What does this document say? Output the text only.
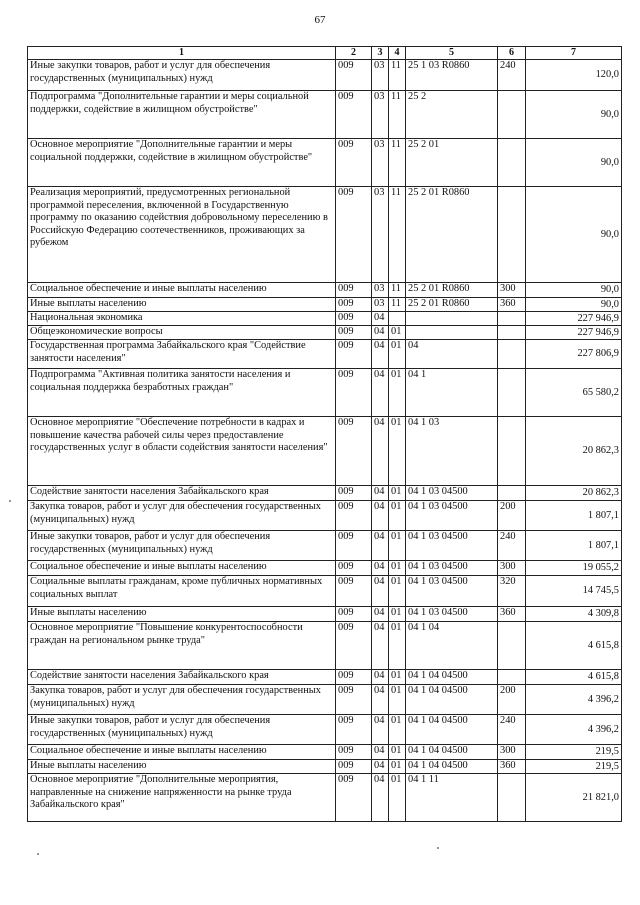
67
1	2	3	4	5	6	7
Иные закупки товаров, работ и услуг для обеспечения государственных (муниципальных) нужд	009	03	11	25 1 03 R0860	240	120,0
Подпрограмма "Дополнительные гарантии и меры социальной поддержки, содействие в жилищном обустройстве"	009	03	11	25 2		90,0
Основное мероприятие "Дополнительные гарантии и меры социальной поддержки, содействие в жилищном обустройстве"	009	03	11	25 2 01		90,0
Реализация мероприятий, предусмотренных региональной программой переселения, включенной в Государственную программу по оказанию содействия добровольному переселению в Российскую Федерацию соотечественников, проживающих за рубежом	009	03	11	25 2 01 R0860		90,0
Социальное обеспечение и иные выплаты населению	009	03	11	25 2 01 R0860	300	90,0
Иные выплаты населению	009	03	11	25 2 01 R0860	360	90,0
Национальная экономика	009	04				227 946,9
Общеэкономические вопросы	009	04	01			227 946,9
Государственная программа Забайкальского края "Содействие занятости населения"	009	04	01	04		227 806,9
Подпрограмма "Активная политика занятости населения и социальная поддержка безработных граждан"	009	04	01	04 1		65 580,2
Основное мероприятие "Обеспечение потребности в кадрах и повышение качества рабочей силы через предоставление государственных услуг в области содействия занятости населения"	009	04	01	04 1 03		20 862,3
Содействие занятости населения Забайкальского края	009	04	01	04 1 03 04500		20 862,3
Закупка товаров, работ и услуг для обеспечения государственных (муниципальных) нужд	009	04	01	04 1 03 04500	200	1 807,1
Иные закупки товаров, работ и услуг для обеспечения государственных (муниципальных) нужд	009	04	01	04 1 03 04500	240	1 807,1
Социальное обеспечение и иные выплаты населению	009	04	01	04 1 03 04500	300	19 055,2
Социальные выплаты гражданам, кроме публичных нормативных социальных выплат	009	04	01	04 1 03 04500	320	14 745,5
Иные выплаты населению	009	04	01	04 1 03 04500	360	4 309,8
Основное мероприятие "Повышение конкурентоспособности граждан на региональном рынке труда"	009	04	01	04 1 04		4 615,8
Содействие занятости населения Забайкальского края	009	04	01	04 1 04 04500		4 615,8
Закупка товаров, работ и услуг для обеспечения государственных (муниципальных) нужд	009	04	01	04 1 04 04500	200	4 396,2
Иные закупки товаров, работ и услуг для обеспечения государственных (муниципальных) нужд	009	04	01	04 1 04 04500	240	4 396,2
Социальное обеспечение и иные выплаты населению	009	04	01	04 1 04 04500	300	219,5
Иные выплаты населению	009	04	01	04 1 04 04500	360	219,5
Основное мероприятие "Дополнительные мероприятия, направленные на снижение напряженности на рынке труда Забайкальского края"	009	04	01	04 1 11		21 821,0
